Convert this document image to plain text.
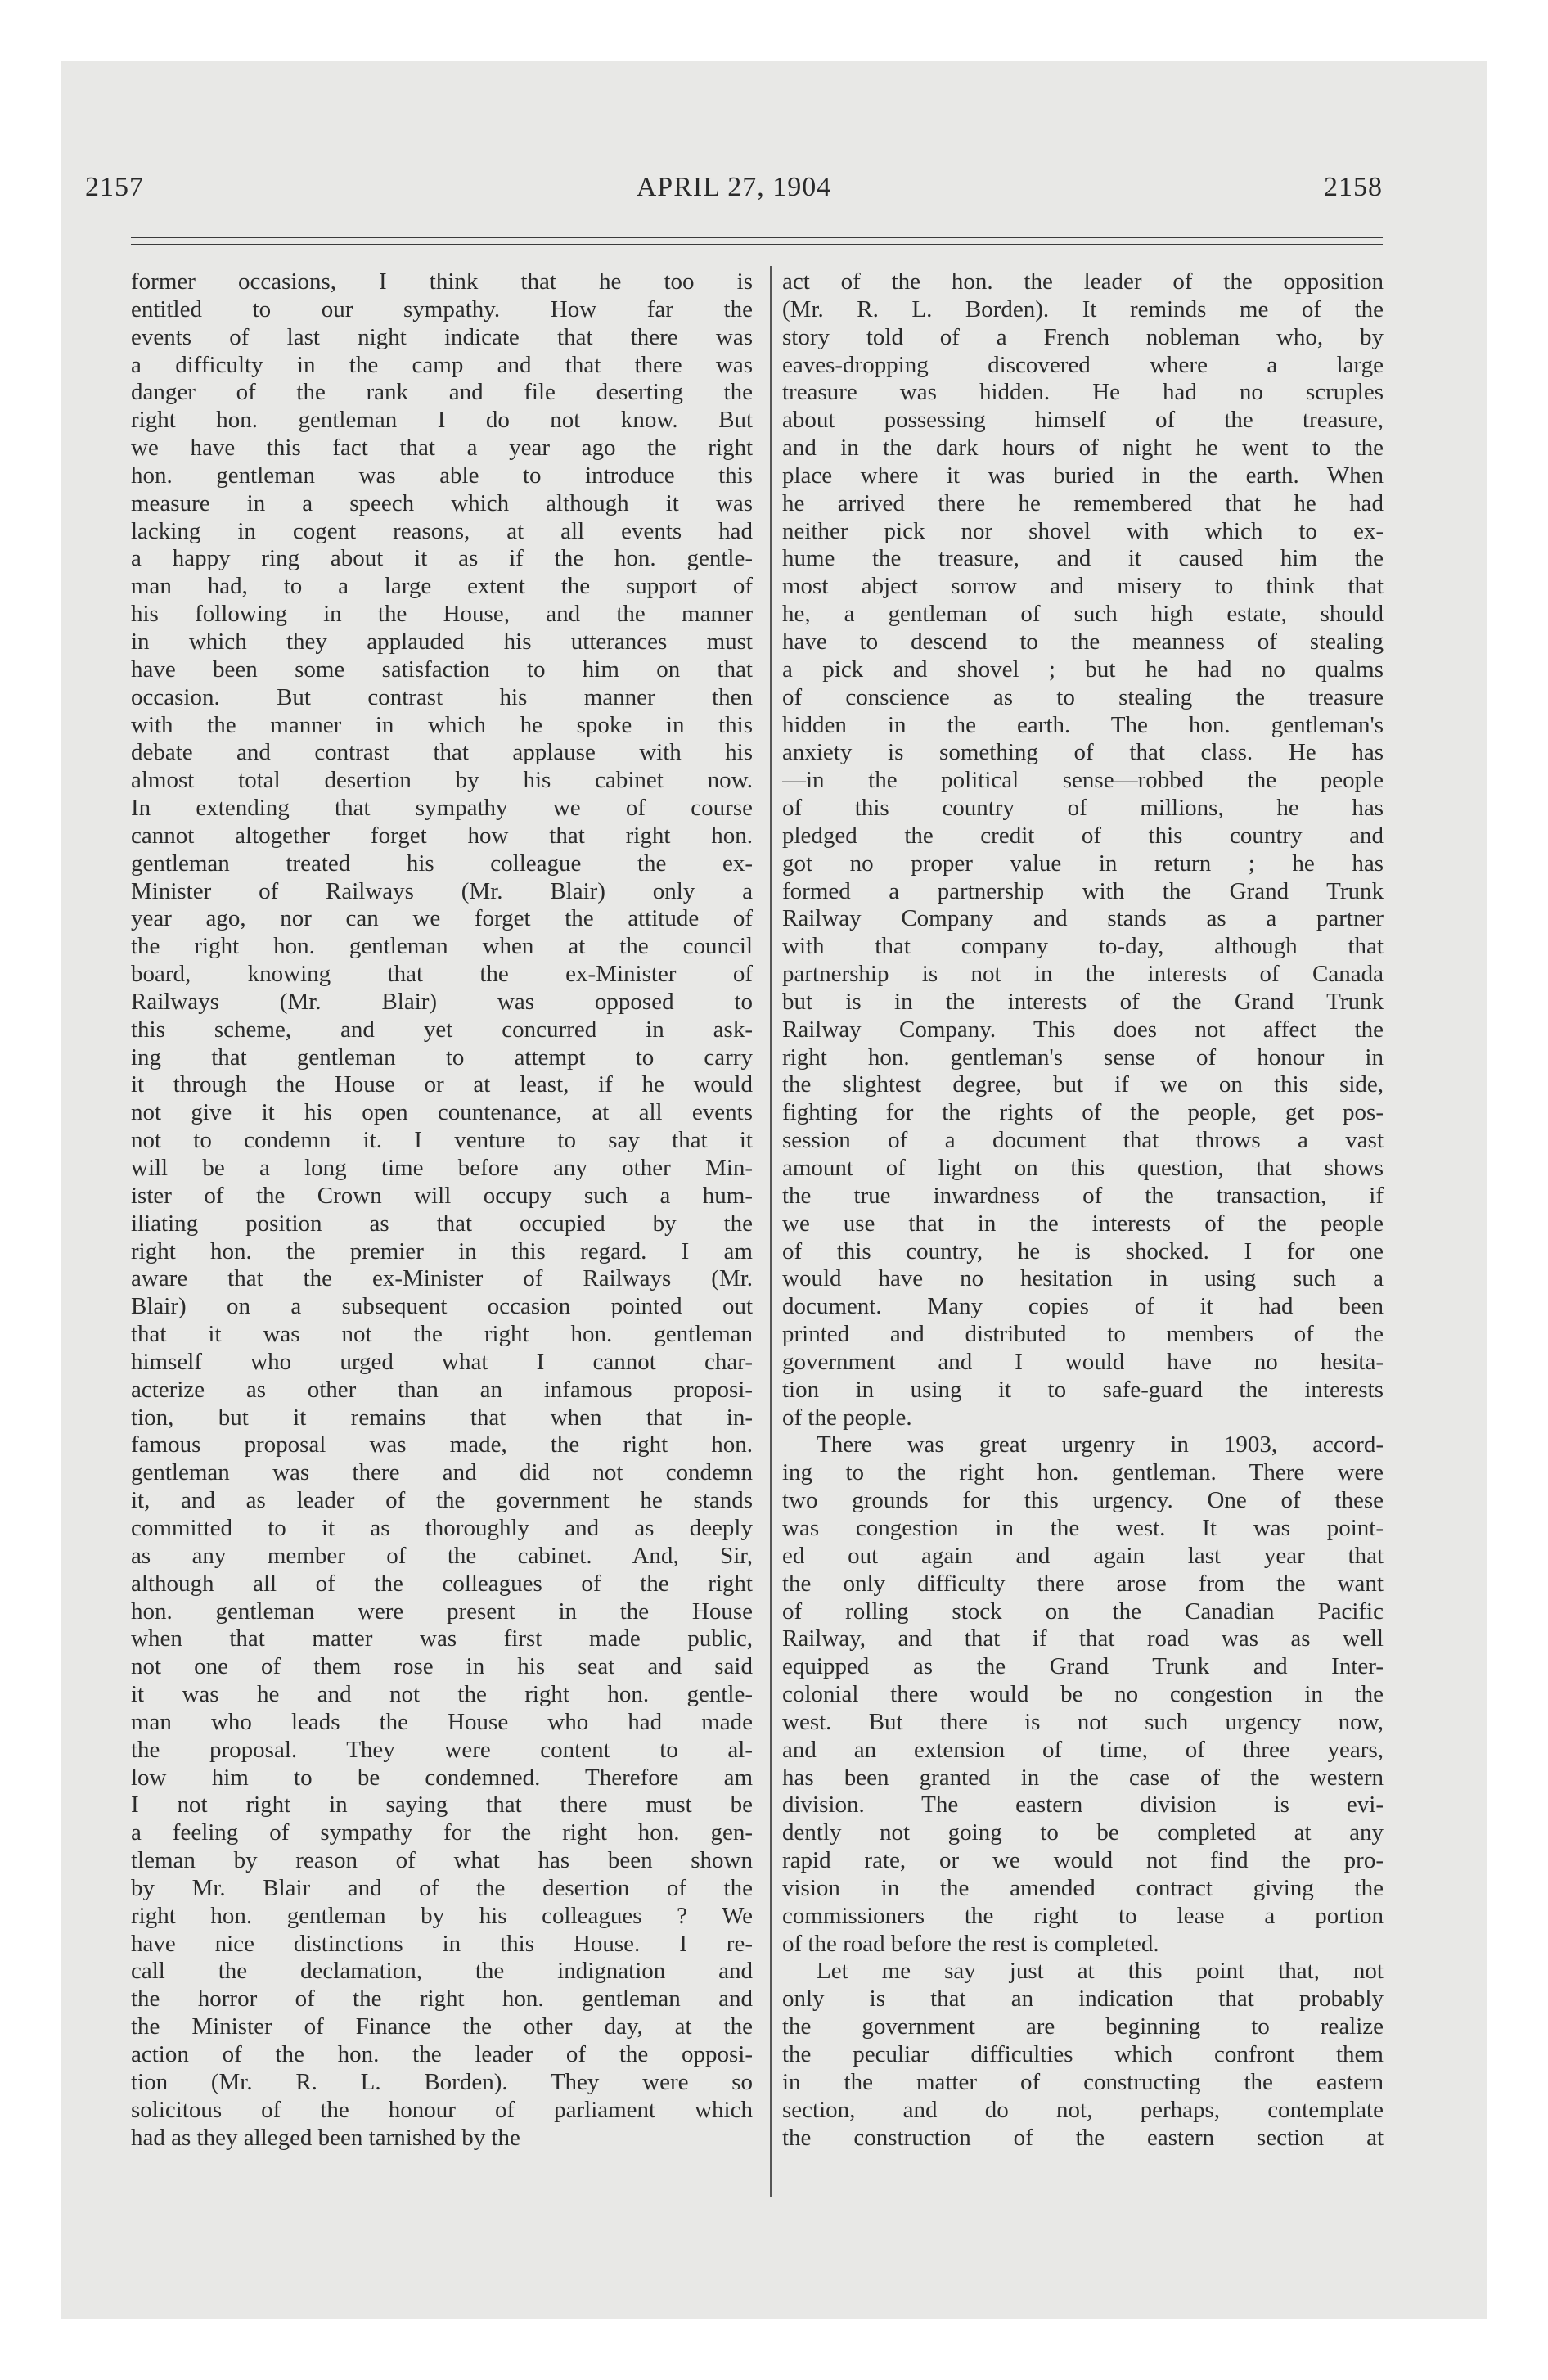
2157	APRIL 27, 1904	2158
former occasions, I think that he too is
entitled to our sympathy. How far the
events of last night indicate that there was
a difficulty in the camp and that there was
danger of the rank and file deserting the
right hon. gentleman I do not know. But
we have this fact that a year ago the right
hon. gentleman was able to introduce this
measure in a speech which although it was
lacking in cogent reasons, at all events had
a happy ring about it as if the hon. gentle-
man had, to a large extent the support of
his following in the House, and the manner
in which they applauded his utterances must
have been some satisfaction to him on that
occasion. But contrast his manner then
with the manner in which he spoke in this
debate and contrast that applause with his
almost total desertion by his cabinet now.
In extending that sympathy we of course
cannot altogether forget how that right hon.
gentleman treated his colleague the ex-
Minister of Railways (Mr. Blair) only a
year ago, nor can we forget the attitude of
the right hon. gentleman when at the council
board, knowing that the ex-Minister of
Railways (Mr. Blair) was opposed to
this scheme, and yet concurred in ask-
ing that gentleman to attempt to carry
it through the House or at least, if he would
not give it his open countenance, at all events
not to condemn it. I venture to say that it
will be a long time before any other Min-
ister of the Crown will occupy such a hum-
iliating position as that occupied by the
right hon. the premier in this regard. I am
aware that the ex-Minister of Railways (Mr.
Blair) on a subsequent occasion pointed out
that it was not the right hon. gentleman
himself who urged what I cannot char-
acterize as other than an infamous proposi-
tion, but it remains that when that in-
famous proposal was made, the right hon.
gentleman was there and did not condemn
it, and as leader of the government he stands
committed to it as thoroughly and as deeply
as any member of the cabinet. And, Sir,
although all of the colleagues of the right
hon. gentleman were present in the House
when that matter was first made public,
not one of them rose in his seat and said
it was he and not the right hon. gentle-
man who leads the House who had made
the proposal. They were content to al-
low him to be condemned. Therefore am
I not right in saying that there must be
a feeling of sympathy for the right hon. gen-
tleman by reason of what has been shown
by Mr. Blair and of the desertion of the
right hon. gentleman by his colleagues ? We
have nice distinctions in this House. I re-
call the declamation, the indignation and
the horror of the right hon. gentleman and
the Minister of Finance the other day, at the
action of the hon. the leader of the opposi-
tion (Mr. R. L. Borden). They were so
solicitous of the honour of parliament which
had as they alleged been tarnished by the
act of the hon. the leader of the opposition
(Mr. R. L. Borden). It reminds me of the
story told of a French nobleman who, by
eaves-dropping discovered where a large
treasure was hidden. He had no scruples
about possessing himself of the treasure,
and in the dark hours of night he went to the
place where it was buried in the earth. When
he arrived there he remembered that he had
neither pick nor shovel with which to ex-
hume the treasure, and it caused him the
most abject sorrow and misery to think that
he, a gentleman of such high estate, should
have to descend to the meanness of stealing
a pick and shovel ; but he had no qualms
of conscience as to stealing the treasure
hidden in the earth. The hon. gentleman's
anxiety is something of that class. He has
—in the political sense—robbed the people
of this country of millions, he has
pledged the credit of this country and
got no proper value in return ; he has
formed a partnership with the Grand Trunk
Railway Company and stands as a partner
with that company to-day, although that
partnership is not in the interests of Canada
but is in the interests of the Grand Trunk
Railway Company. This does not affect the
right hon. gentleman's sense of honour in
the slightest degree, but if we on this side,
fighting for the rights of the people, get pos-
session of a document that throws a vast
amount of light on this question, that shows
the true inwardness of the transaction, if
we use that in the interests of the people
of this country, he is shocked. I for one
would have no hesitation in using such a
document. Many copies of it had been
printed and distributed to members of the
government and I would have no hesita-
tion in using it to safe-guard the interests
of the people.
There was great urgenry in 1903, accord-
ing to the right hon. gentleman. There were
two grounds for this urgency. One of these
was congestion in the west. It was point-
ed out again and again last year that
the only difficulty there arose from the want
of rolling stock on the Canadian Pacific
Railway, and that if that road was as well
equipped as the Grand Trunk and Inter-
colonial there would be no congestion in the
west. But there is not such urgency now,
and an extension of time, of three years,
has been granted in the case of the western
division. The eastern division is evi-
dently not going to be completed at any
rapid rate, or we would not find the pro-
vision in the amended contract giving the
commissioners the right to lease a portion
of the road before the rest is completed.
Let me say just at this point that, not
only is that an indication that probably
the government are beginning to realize
the peculiar difficulties which confront them
in the matter of constructing the eastern
section, and do not, perhaps, contemplate
the construction of the eastern section at
